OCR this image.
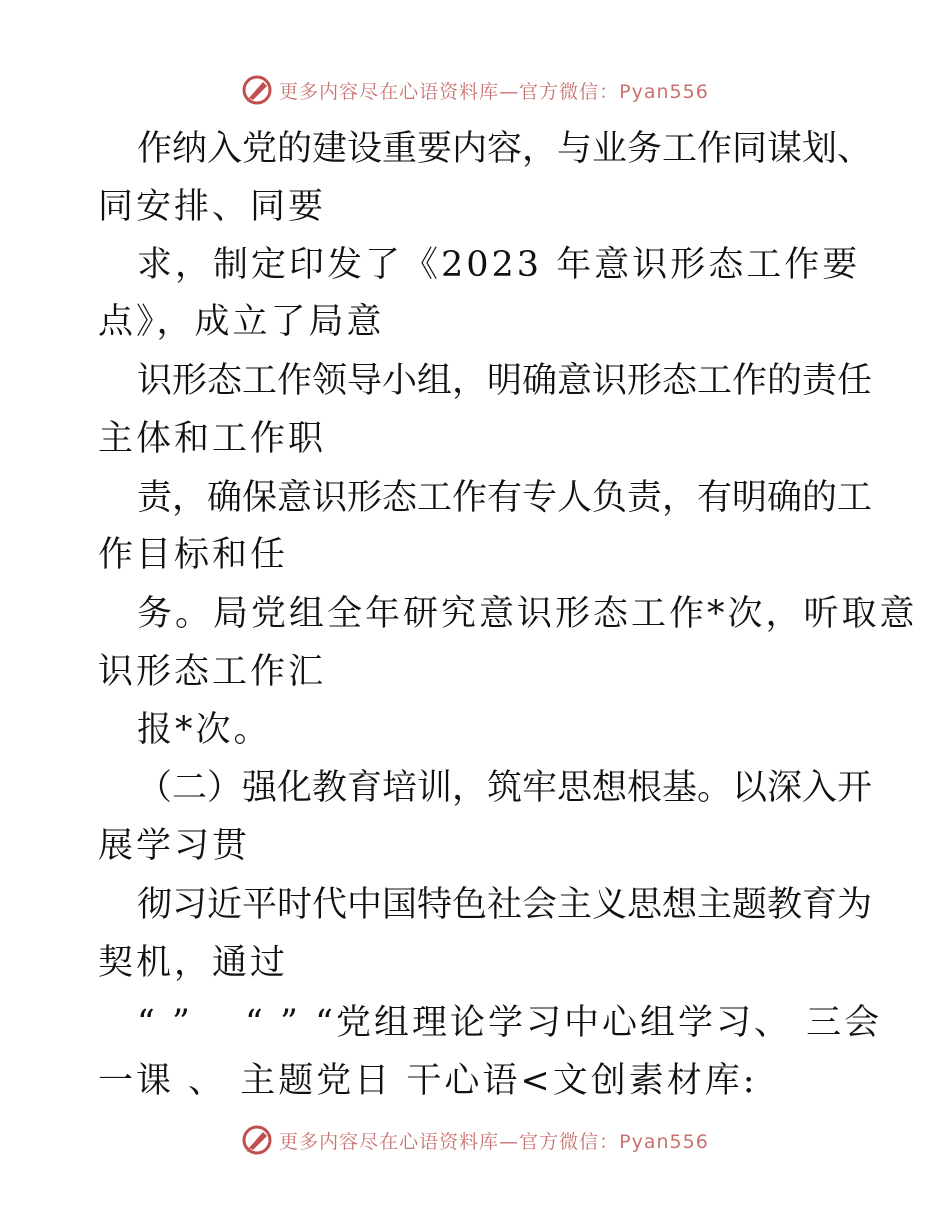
更多内容尽在心语资料库—官方微信：Pyan556
作纳入党的建设重要内容，与业务工作同谋划、
同安排、同要
求，制定印发了《2023 年意识形态工作要
点》，成立了局意
识形态工作领导小组，明确意识形态工作的责任
主体和工作职
责，确保意识形态工作有专人负责，有明确的工
作目标和任
务。局党组全年研究意识形态工作*次，听取意
识形态工作汇
报*次。
（二）强化教育培训，筑牢思想根基。以深入开
展学习贯
彻习近平时代中国特色社会主义思想主题教育为
契机，通过
“ ”　 “ ” “党组理论学习中心组学习、 三会
一课 、 主题党日 干心语<文创素材库:
更多内容尽在心语资料库—官方微信：Pyan556
